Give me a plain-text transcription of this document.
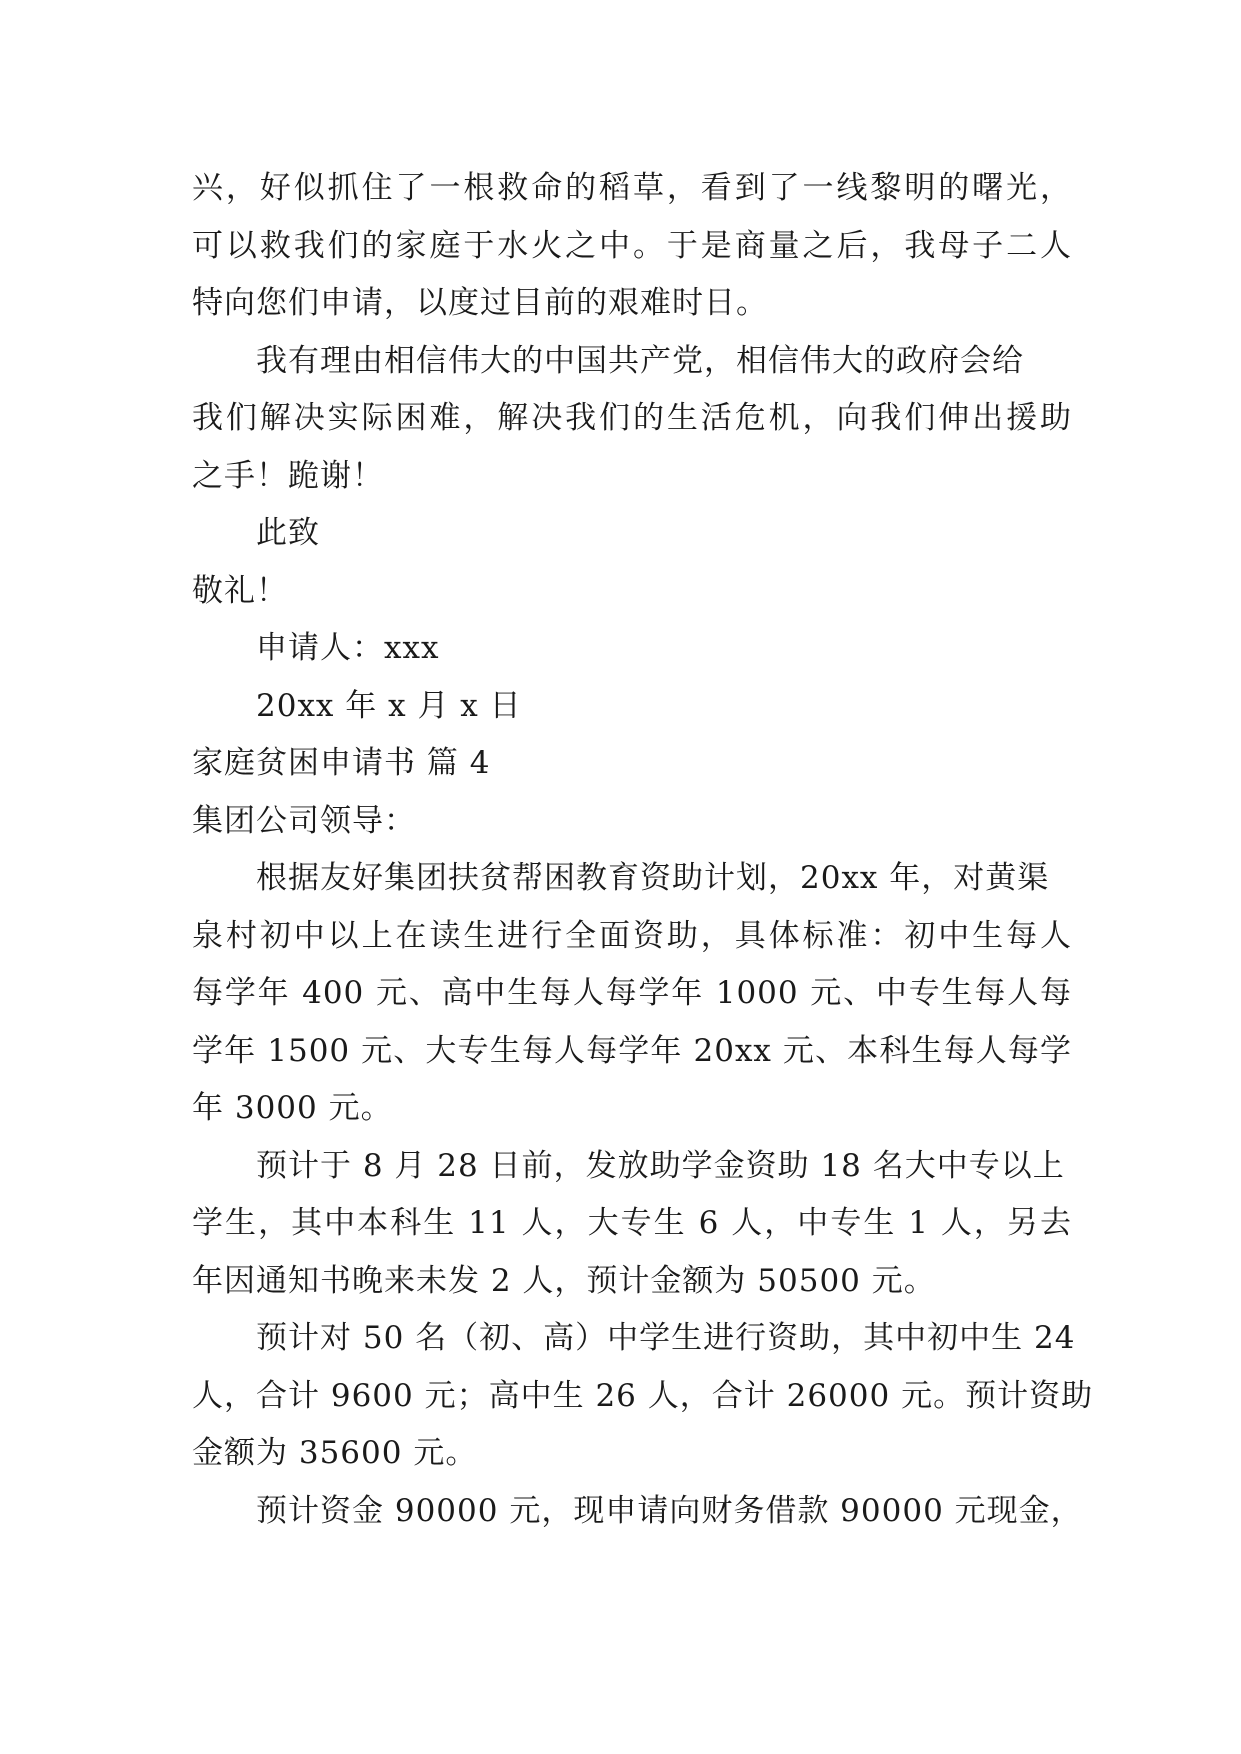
兴，好似抓住了一根救命的稻草，看到了一线黎明的曙光，
可以救我们的家庭于水火之中。于是商量之后，我母子二人
特向您们申请，以度过目前的艰难时日。
我有理由相信伟大的中国共产党，相信伟大的政府会给
我们解决实际困难，解决我们的生活危机，向我们伸出援助
之手！跪谢！
此致
敬礼！
申请人：xxx
20xx 年 x 月 x 日
家庭贫困申请书 篇 4
集团公司领导：
根据友好集团扶贫帮困教育资助计划，20xx 年，对黄渠
泉村初中以上在读生进行全面资助，具体标准：初中生每人
每学年 400 元、高中生每人每学年 1000 元、中专生每人每
学年 1500 元、大专生每人每学年 20xx 元、本科生每人每学
年 3000 元。
预计于 8 月 28 日前，发放助学金资助 18 名大中专以上
学生，其中本科生 11 人，大专生 6 人，中专生 1 人，另去
年因通知书晚来未发 2 人，预计金额为 50500 元。
预计对 50 名（初、高）中学生进行资助，其中初中生 24
人，合计 9600 元；高中生 26 人，合计 26000 元。预计资助
金额为 35600 元。
预计资金 90000 元，现申请向财务借款 90000 元现金，
